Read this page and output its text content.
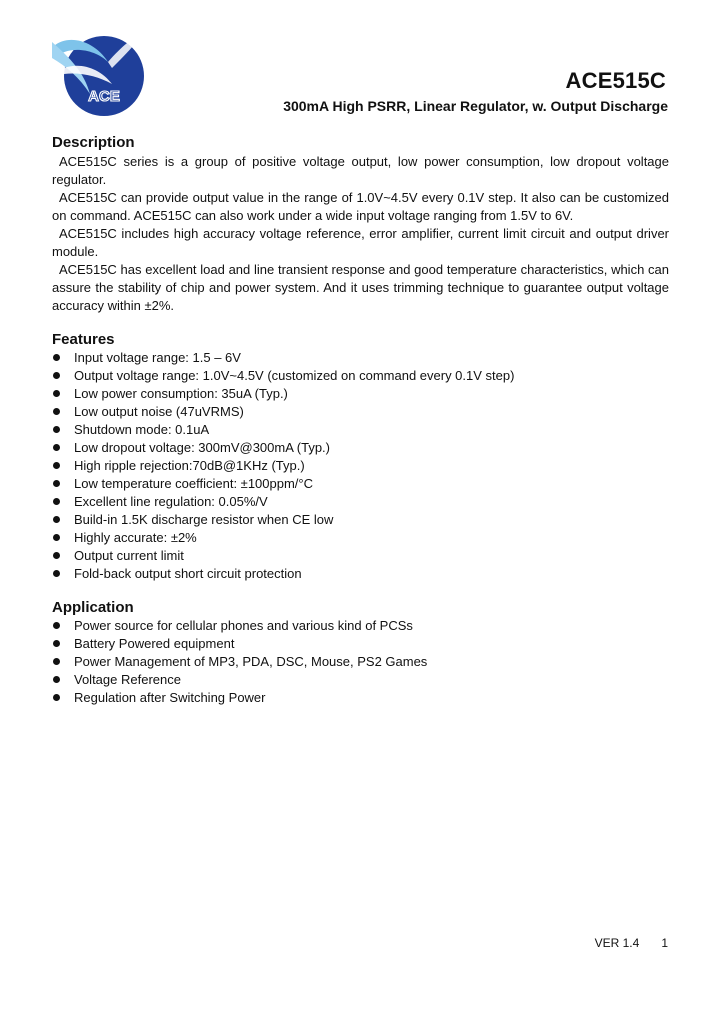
ACE
ACE515C
300mA High PSRR, Linear Regulator, w. Output Discharge
Description

ACE515C series is a group of positive voltage output, low power consumption, low dropout voltage regulator.

ACE515C can provide output value in the range of 1.0V~4.5V every 0.1V step. It also can be customized on command. ACE515C can also work under a wide input voltage ranging from 1.5V to 6V.

ACE515C includes high accuracy voltage reference, error amplifier, current limit circuit and output driver module.

ACE515C has excellent load and line transient response and good temperature characteristics, which can assure the stability of chip and power system. And it uses trimming technique to guarantee output voltage accuracy within ±2%.

Features
Input voltage range: 1.5 – 6V
Output voltage range: 1.0V~4.5V (customized on command every 0.1V step)
Low power consumption: 35uA (Typ.)
Low output noise (47uVRMS)
Shutdown mode: 0.1uA
Low dropout voltage: 300mV@300mA (Typ.)
High ripple rejection:70dB@1KHz (Typ.)
Low temperature coefficient: ±100ppm/°C
Excellent line regulation: 0.05%/V
Build-in 1.5K discharge resistor when CE low
Highly accurate: ±2%
Output current limit
Fold-back output short circuit protection
Application
Power source for cellular phones and various kind of PCSs
Battery Powered equipment
Power Management of MP3, PDA, DSC, Mouse, PS2 Games
Voltage Reference
Regulation after Switching Power
VER 1.4 1
